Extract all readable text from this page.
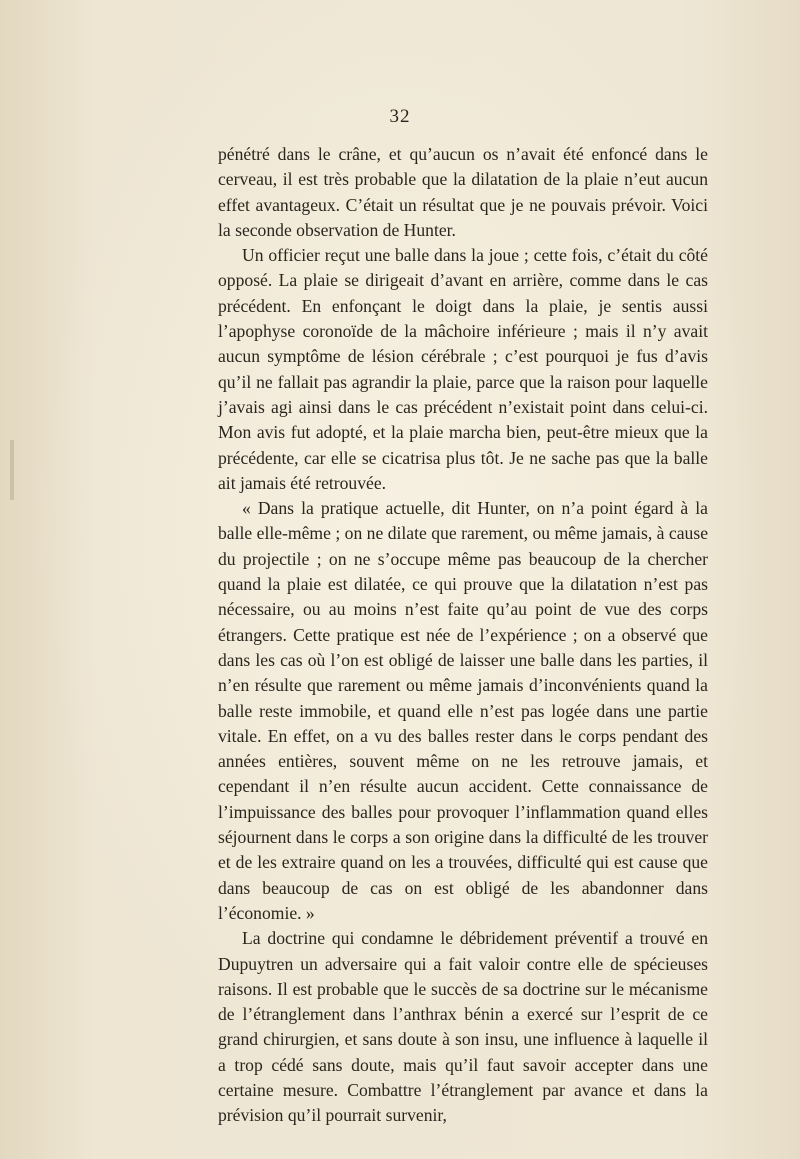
32

pénétré dans le crâne, et qu’aucun os n’avait été enfoncé dans le cerveau, il est très probable que la dilatation de la plaie n’eut aucun effet avantageux. C’était un résultat que je ne pouvais prévoir. Voici la seconde observation de Hunter.

Un officier reçut une balle dans la joue ; cette fois, c’était du côté opposé. La plaie se dirigeait d’avant en arrière, comme dans le cas précédent. En enfonçant le doigt dans la plaie, je sentis aussi l’apophyse coronoïde de la mâchoire inférieure ; mais il n’y avait aucun symptôme de lésion cérébrale ; c’est pourquoi je fus d’avis qu’il ne fallait pas agrandir la plaie, parce que la raison pour laquelle j’avais agi ainsi dans le cas précédent n’existait point dans celui-ci. Mon avis fut adopté, et la plaie marcha bien, peut-être mieux que la précédente, car elle se cicatrisa plus tôt. Je ne sache pas que la balle ait jamais été retrouvée.

« Dans la pratique actuelle, dit Hunter, on n’a point égard à la balle elle-même ; on ne dilate que rarement, ou même jamais, à cause du projectile ; on ne s’occupe même pas beaucoup de la chercher quand la plaie est dilatée, ce qui prouve que la dilatation n’est pas nécessaire, ou au moins n’est faite qu’au point de vue des corps étrangers. Cette pratique est née de l’expérience ; on a observé que dans les cas où l’on est obligé de laisser une balle dans les parties, il n’en résulte que rarement ou même jamais d’inconvénients quand la balle reste immobile, et quand elle n’est pas logée dans une partie vitale. En effet, on a vu des balles rester dans le corps pendant des années entières, souvent même on ne les retrouve jamais, et cependant il n’en résulte aucun accident. Cette connaissance de l’impuissance des balles pour provoquer l’inflammation quand elles séjournent dans le corps a son origine dans la difficulté de les trouver et de les extraire quand on les a trouvées, difficulté qui est cause que dans beaucoup de cas on est obligé de les abandonner dans l’économie. »

La doctrine qui condamne le débridement préventif a trouvé en Dupuytren un adversaire qui a fait valoir contre elle de spécieuses raisons. Il est probable que le succès de sa doctrine sur le mécanisme de l’étranglement dans l’anthrax bénin a exercé sur l’esprit de ce grand chirurgien, et sans doute à son insu, une influence à laquelle il a trop cédé sans doute, mais qu’il faut savoir accepter dans une certaine mesure. Combattre l’étranglement par avance et dans la prévision qu’il pourrait survenir,
